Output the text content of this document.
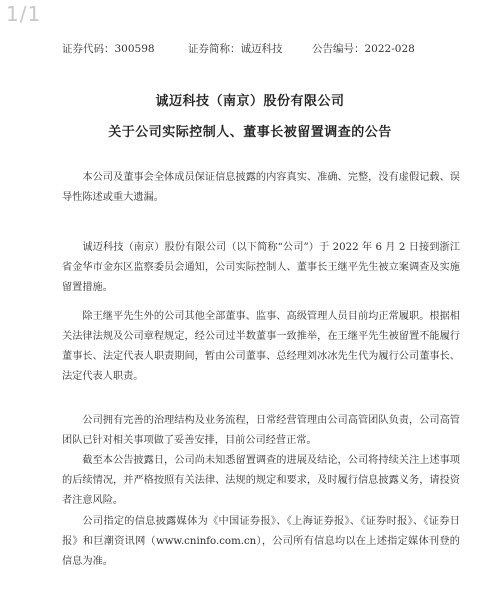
1/1
证券代码：300598	证券简称：诚迈科技	公告编号：2022-028
诚迈科技（南京）股份有限公司
关于公司实际控制人、董事长被留置调查的公告

本公司及董事会全体成员保证信息披露的内容真实、准确、完整，没有虚假记载、误导性陈述或重大遗漏。

诚迈科技（南京）股份有限公司（以下简称“公司”）于 2022 年 6 月 2 日接到浙江省金华市金东区监察委员会通知，公司实际控制人、董事长王继平先生被立案调查及实施留置措施。

除王继平先生外的公司其他全部董事、监事、高级管理人员目前均正常履职。根据相关法律法规及公司章程规定，经公司过半数董事一致推举，在王继平先生被留置不能履行董事长、法定代表人职责期间，暂由公司董事、总经理刘冰冰先生代为履行公司董事长、法定代表人职责。

公司拥有完善的治理结构及业务流程，日常经营管理由公司高管团队负责，公司高管团队已针对相关事项做了妥善安排，目前公司经营正常。

截至本公告披露日，公司尚未知悉留置调查的进展及结论，公司将持续关注上述事项的后续情况，并严格按照有关法律、法规的规定和要求，及时履行信息披露义务，请投资者注意风险。

公司指定的信息披露媒体为《中国证券报》、《上海证券报》、《证券时报》、《证券日报》和巨潮资讯网（www.cninfo.com.cn），公司所有信息均以在上述指定媒体刊登的信息为准。
